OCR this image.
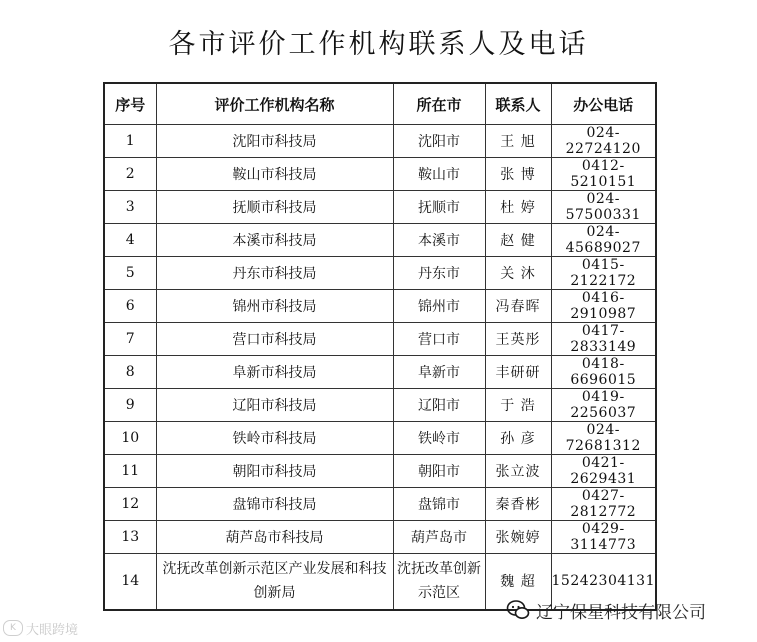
各市评价工作机构联系人及电话
序号	评价工作机构名称	所在市	联系人	办公电话
1	沈阳市科技局	沈阳市	王 旭	024-22724120
2	鞍山市科技局	鞍山市	张 博	0412-5210151
3	抚顺市科技局	抚顺市	杜 婷	024-57500331
4	本溪市科技局	本溪市	赵 健	024-45689027
5	丹东市科技局	丹东市	关 沐	0415-2122172
6	锦州市科技局	锦州市	冯春晖	0416-2910987
7	营口市科技局	营口市	王英彤	0417-2833149
8	阜新市科技局	阜新市	丰研研	0418-6696015
9	辽阳市科技局	辽阳市	于 浩	0419-2256037
10	铁岭市科技局	铁岭市	孙 彦	024-72681312
11	朝阳市科技局	朝阳市	张立波	0421-2629431
12	盘锦市科技局	盘锦市	秦香彬	0427-2812772
13	葫芦岛市科技局	葫芦岛市	张婉婷	0429-3114773
14	沈抚改革创新示范区产业发展和科技创新局	沈抚改革创新示范区	魏 超	15242304131
K 大眼跨境
辽宁保星科技有限公司
